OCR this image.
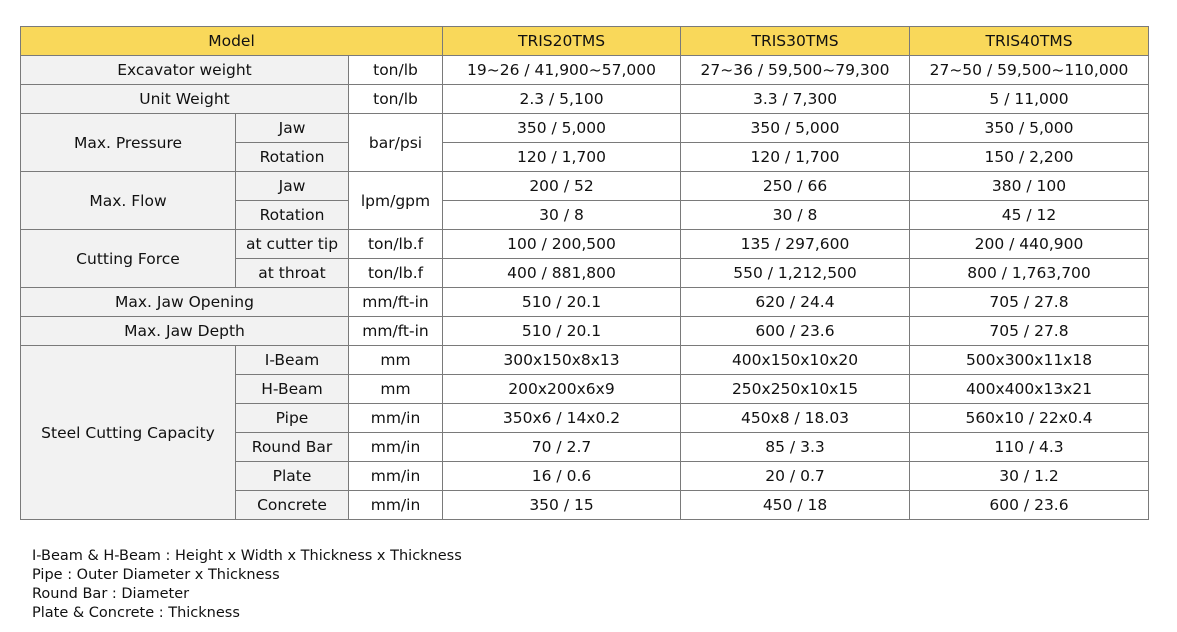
Model			TRIS20TMS	TRIS30TMS	TRIS40TMS
Excavator weight		ton/lb	19~26 / 41,900~57,000	27~36 / 59,500~79,300	27~50 / 59,500~110,000
Unit Weight		ton/lb	2.3 / 5,100	3.3 / 7,300	5 / 11,000
Max. Pressure	Jaw	bar/psi	350 / 5,000	350 / 5,000	350 / 5,000
	Rotation		120 / 1,700	120 / 1,700	150 / 2,200
Max. Flow	Jaw	lpm/gpm	200 / 52	250 / 66	380 / 100
	Rotation		30 / 8	30 / 8	45 / 12
Cutting Force	at cutter tip	ton/lb.f	100 / 200,500	135 / 297,600	200 / 440,900
	at throat	ton/lb.f	400 / 881,800	550 / 1,212,500	800 / 1,763,700
Max. Jaw Opening		mm/ft-in	510 / 20.1	620 / 24.4	705 / 27.8
Max. Jaw Depth		mm/ft-in	510 / 20.1	600 / 23.6	705 / 27.8
Steel Cutting Capacity	I-Beam	mm	300x150x8x13	400x150x10x20	500x300x11x18
	H-Beam	mm	200x200x6x9	250x250x10x15	400x400x13x21
	Pipe	mm/in	350x6 / 14x0.2	450x8 / 18.03	560x10 / 22x0.4
	Round Bar	mm/in	70 / 2.7	85 / 3.3	110 / 4.3
	Plate	mm/in	16 / 0.6	20 / 0.7	30 / 1.2
	Concrete	mm/in	350 / 15	450 / 18	600 / 23.6
I-Beam & H-Beam : Height x Width x Thickness x Thickness
Pipe : Outer Diameter x Thickness
Round Bar : Diameter
Plate & Concrete : Thickness
